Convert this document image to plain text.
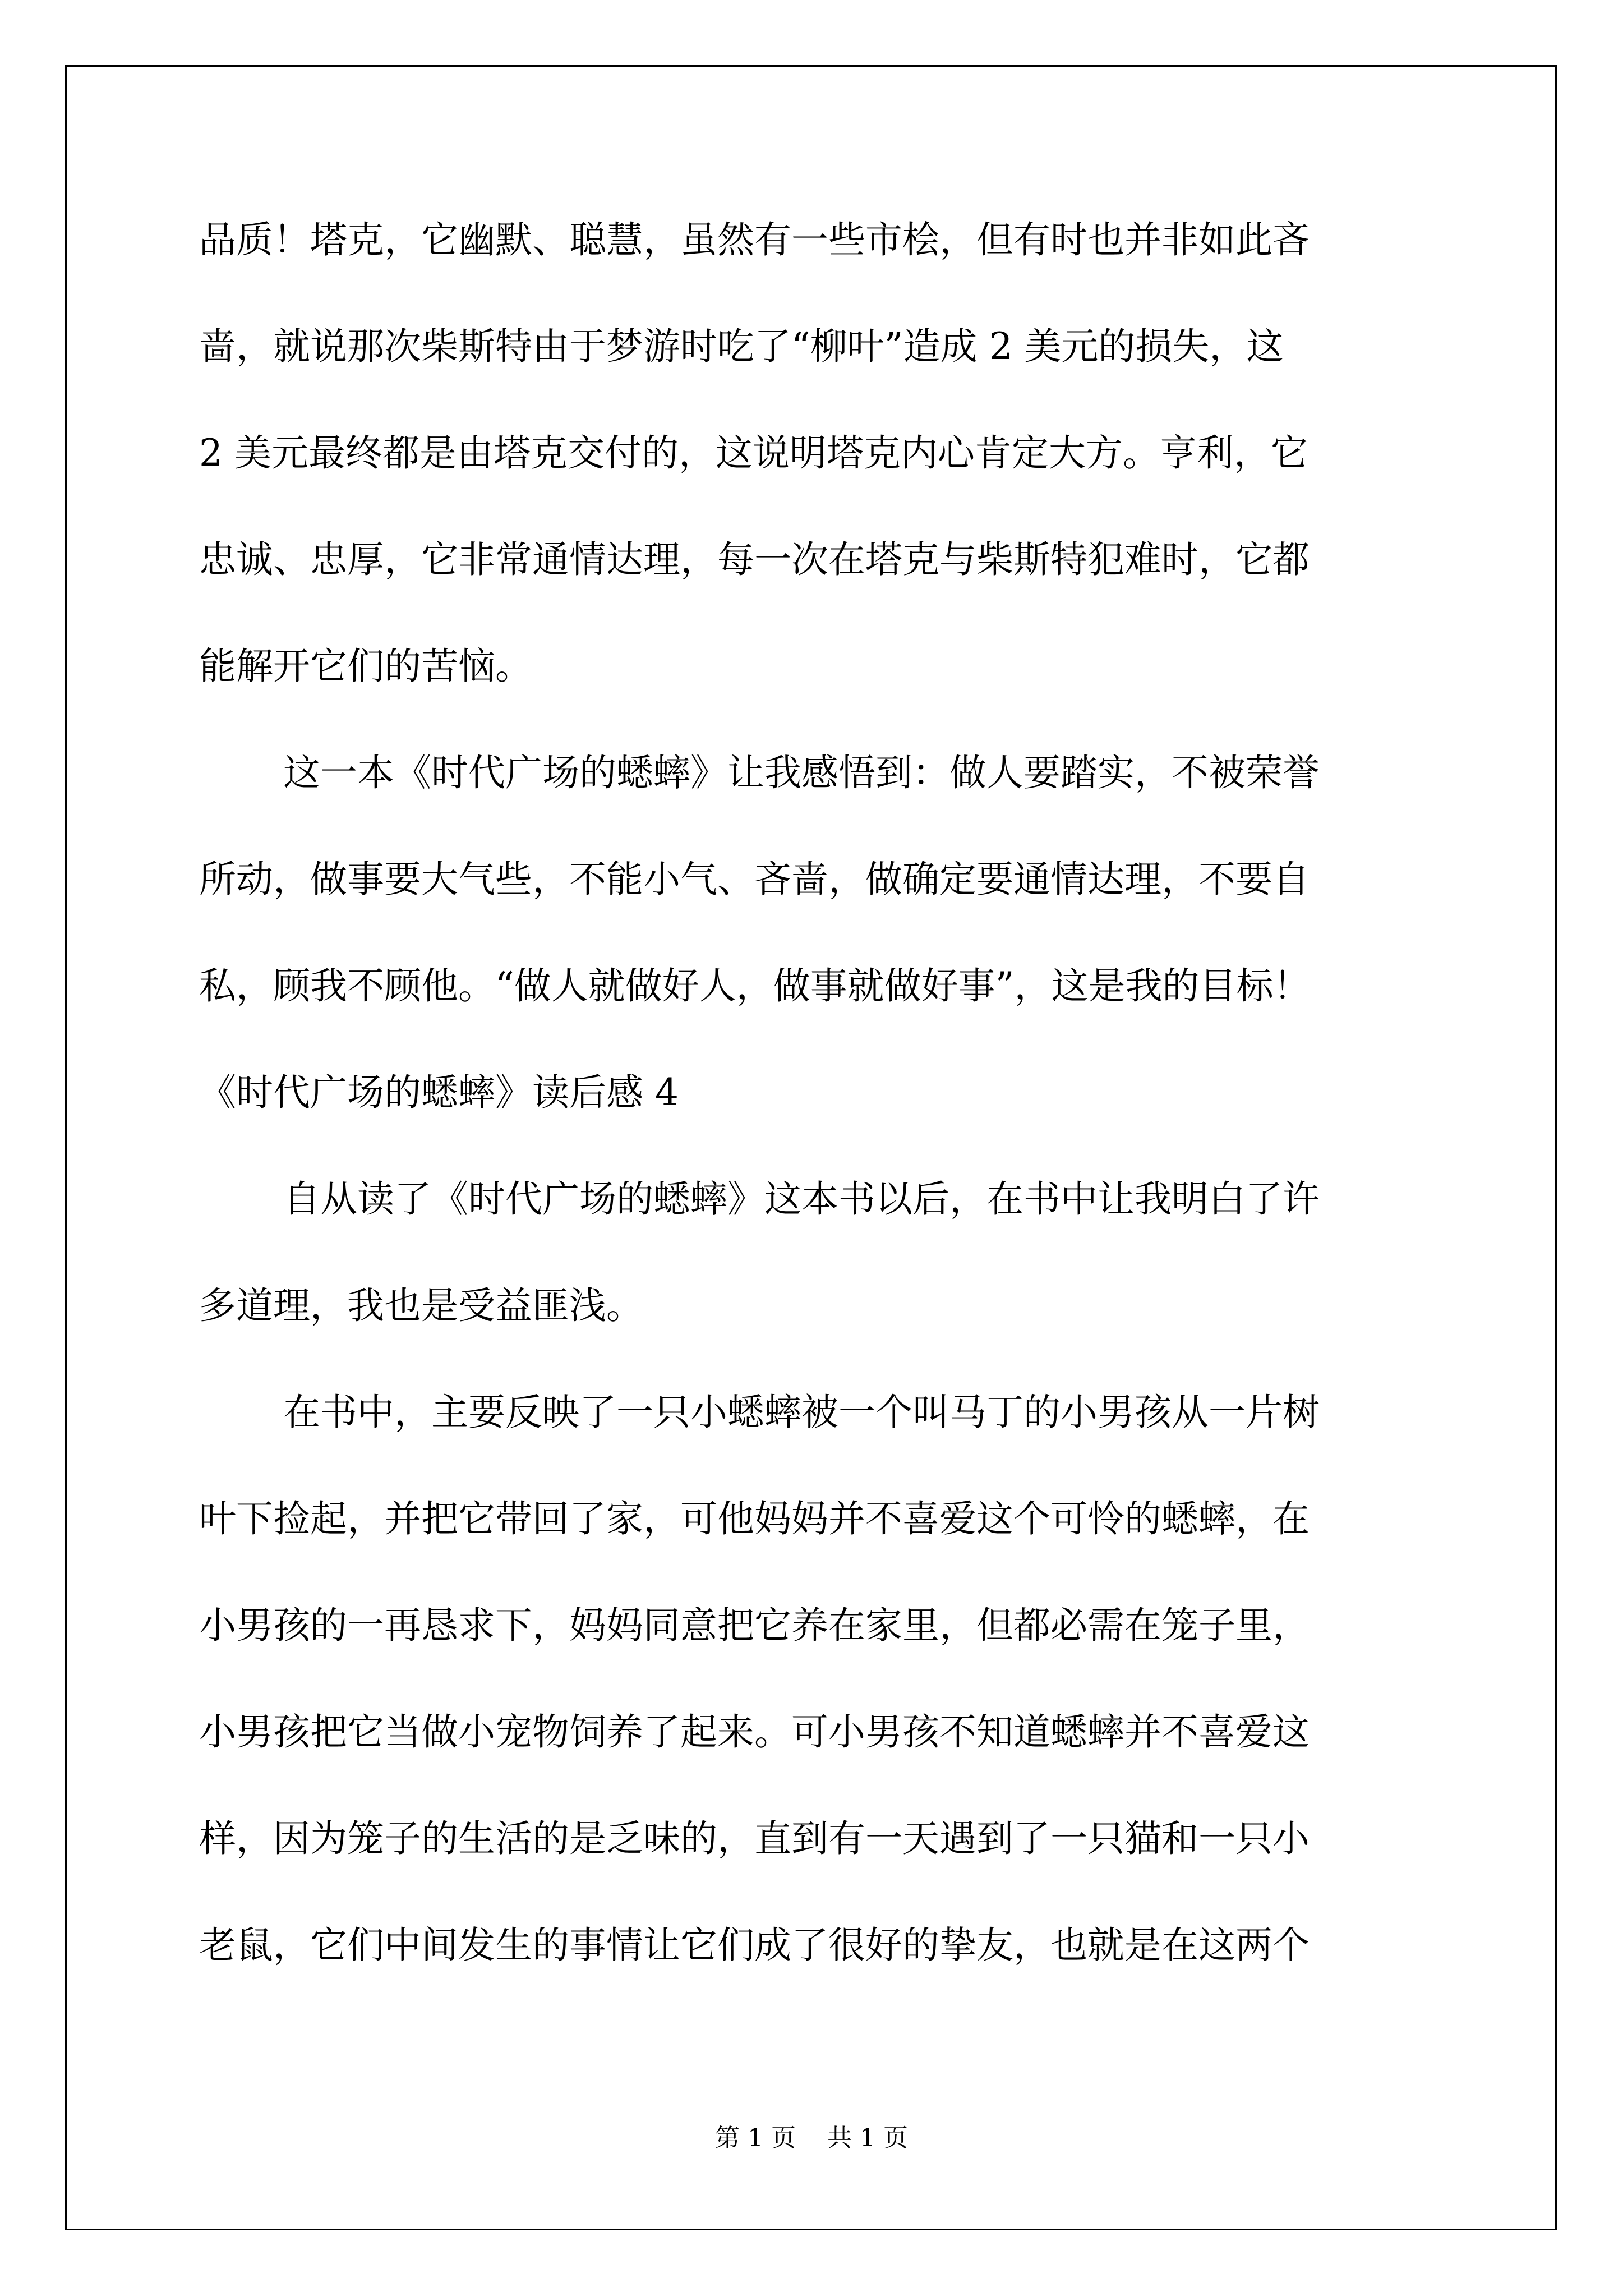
品质！塔克，它幽默、聪慧，虽然有一些市桧，但有时也并非如此吝
啬，就说那次柴斯特由于梦游时吃了“柳叶”造成 2 美元的损失，这
2 美元最终都是由塔克交付的，这说明塔克内心肯定大方。亨利，它
忠诚、忠厚，它非常通情达理，每一次在塔克与柴斯特犯难时，它都
能解开它们的苦恼。
这一本《时代广场的蟋蟀》让我感悟到：做人要踏实，不被荣誉
所动，做事要大气些，不能小气、吝啬，做确定要通情达理，不要自
私，顾我不顾他。“做人就做好人，做事就做好事”，这是我的目标！
《时代广场的蟋蟀》读后感 4
自从读了《时代广场的蟋蟀》这本书以后，在书中让我明白了许
多道理，我也是受益匪浅。
在书中，主要反映了一只小蟋蟀被一个叫马丁的小男孩从一片树
叶下捡起，并把它带回了家，可他妈妈并不喜爱这个可怜的蟋蟀，在
小男孩的一再恳求下，妈妈同意把它养在家里，但都必需在笼子里，
小男孩把它当做小宠物饲养了起来。可小男孩不知道蟋蟀并不喜爱这
样，因为笼子的生活的是乏味的，直到有一天遇到了一只猫和一只小
老鼠，它们中间发生的事情让它们成了很好的挚友，也就是在这两个
第 1 页 共 1 页
